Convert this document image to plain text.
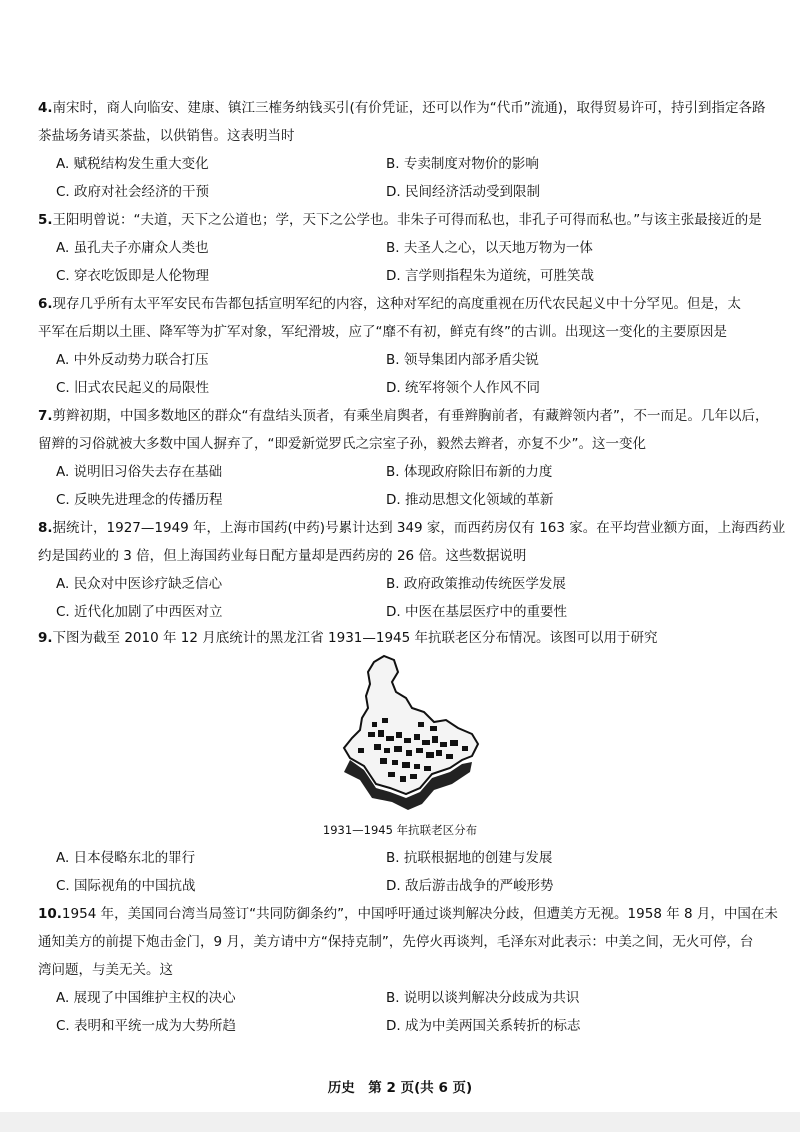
4.南宋时，商人向临安、建康、镇江三榷务纳钱买引(有价凭证，还可以作为“代币”流通)，取得贸易许可，持引到指定各路
茶盐场务请买茶盐，以供销售。这表明当时
A. 赋税结构发生重大变化	B. 专卖制度对物价的影响
C. 政府对社会经济的干预	D. 民间经济活动受到限制
5.王阳明曾说：“夫道，天下之公道也；学，天下之公学也。非朱子可得而私也，非孔子可得而私也。”与该主张最接近的是
A. 虽孔夫子亦庸众人类也	B. 夫圣人之心，以天地万物为一体
C. 穿衣吃饭即是人伦物理	D. 言学则指程朱为道统，可胜笑哉
6.现存几乎所有太平军安民布告都包括宣明军纪的内容，这种对军纪的高度重视在历代农民起义中十分罕见。但是，太
平军在后期以土匪、降军等为扩军对象，军纪滑坡，应了“靡不有初，鲜克有终”的古训。出现这一变化的主要原因是
A. 中外反动势力联合打压	B. 领导集团内部矛盾尖锐
C. 旧式农民起义的局限性	D. 统军将领个人作风不同
7.剪辫初期，中国多数地区的群众“有盘结头顶者，有乘坐肩舆者，有垂辫胸前者，有藏辫领内者”，不一而足。几年以后，
留辫的习俗就被大多数中国人摒弃了，“即爱新觉罗氏之宗室子孙，毅然去辫者，亦复不少”。这一变化
A. 说明旧习俗失去存在基础	B. 体现政府除旧布新的力度
C. 反映先进理念的传播历程	D. 推动思想文化领域的革新
8.据统计，1927—1949 年，上海市国药(中药)号累计达到 349 家，而西药房仅有 163 家。在平均营业额方面，上海西药业
约是国药业的 3 倍，但上海国药业每日配方量却是西药房的 26 倍。这些数据说明
A. 民众对中医诊疗缺乏信心	B. 政府政策推动传统医学发展
C. 近代化加剧了中西医对立	D. 中医在基层医疗中的重要性
9.下图为截至 2010 年 12 月底统计的黑龙江省 1931—1945 年抗联老区分布情况。该图可以用于研究
1931—1945 年抗联老区分布
A. 日本侵略东北的罪行	B. 抗联根据地的创建与发展
C. 国际视角的中国抗战	D. 敌后游击战争的严峻形势
10.1954 年，美国同台湾当局签订“共同防御条约”，中国呼吁通过谈判解决分歧，但遭美方无视。1958 年 8 月，中国在未
通知美方的前提下炮击金门，9 月，美方请中方“保持克制”，先停火再谈判，毛泽东对此表示：中美之间，无火可停，台
湾问题，与美无关。这
A. 展现了中国维护主权的决心	B. 说明以谈判解决分歧成为共识
C. 表明和平统一成为大势所趋	D. 成为中美两国关系转折的标志
历史　第 2 页(共 6 页)
